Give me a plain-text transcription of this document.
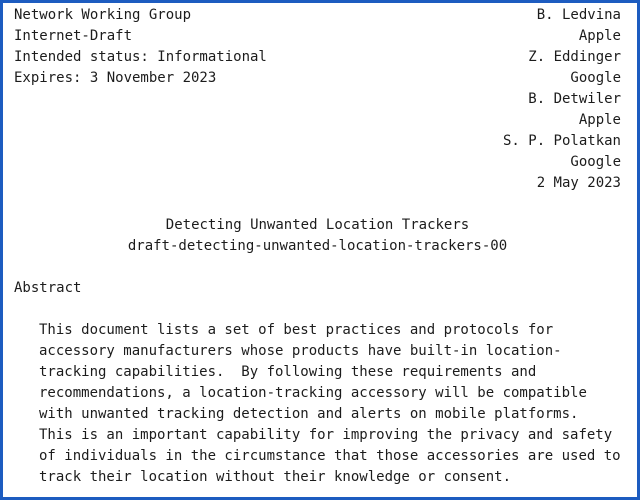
Network Working Group
Internet-Draft
Intended status: Informational
Expires: 3 November 2023
B. Ledvina
Apple
Z. Eddinger
Google
B. Detwiler
Apple
S. P. Polatkan
Google
2 May 2023
Detecting Unwanted Location Trackers
draft-detecting-unwanted-location-trackers-00
Abstract
This document lists a set of best practices and protocols for
accessory manufacturers whose products have built-in location-
tracking capabilities.  By following these requirements and
recommendations, a location-tracking accessory will be compatible
with unwanted tracking detection and alerts on mobile platforms.
This is an important capability for improving the privacy and safety
of individuals in the circumstance that those accessories are used to
track their location without their knowledge or consent.
